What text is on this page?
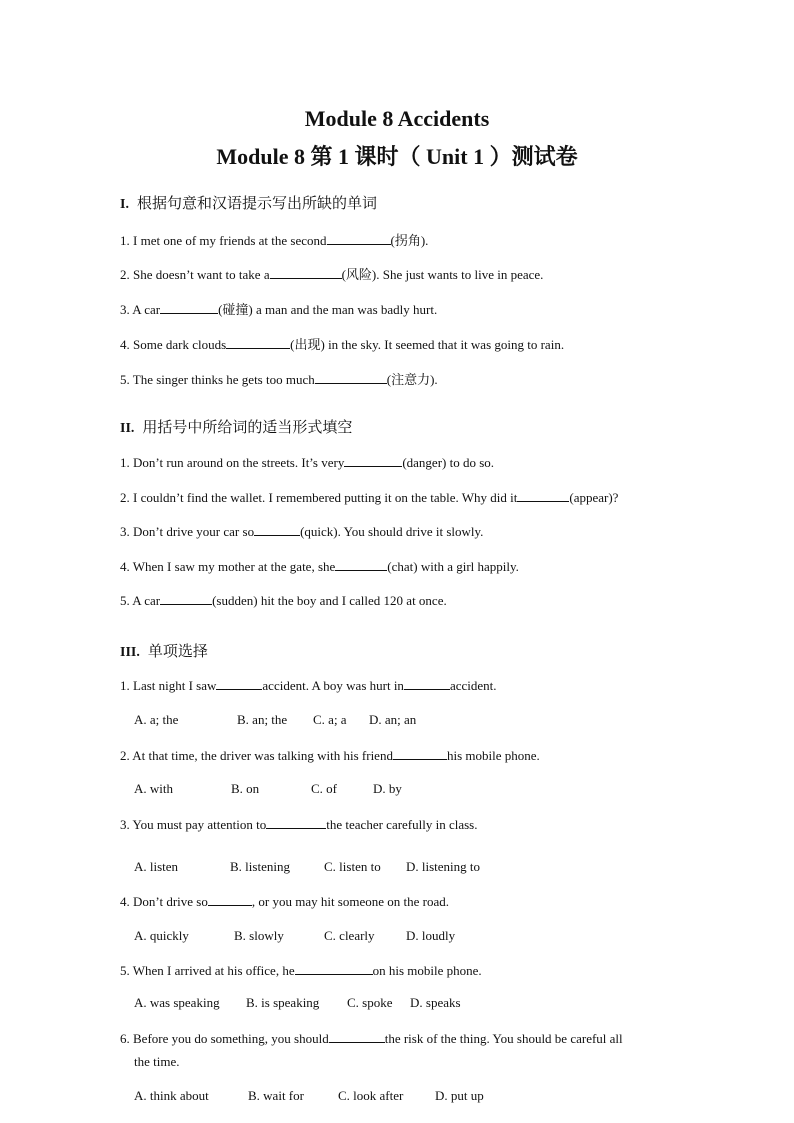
Module 8 Accidents
Module 8 第 1 课时（ Unit 1 ）测试卷
I. 根据句意和汉语提示写出所缺的单词
1. I met one of my friends at the second	(拐角).
2. She doesn’t want to take a	(风险). She just wants to live in peace.
3. A car	(碰撞) a man and the man was badly hurt.
4. Some dark clouds	(出现) in the sky. It seemed that it was going to rain.
5. The singer thinks he gets too much	(注意力).
II. 用括号中所给词的适当形式填空
1. Don’t run around on the streets. It’s very	(danger) to do so.
2. I couldn’t find the wallet. I remembered putting it on the table. Why did it	(appear)?
3. Don’t drive your car so	(quick). You should drive it slowly.
4. When I saw my mother at the gate, she	(chat) with a girl happily.
5. A car	(sudden) hit the boy and I called 120 at once.
III. 单项选择
1. Last night I saw	accident. A boy was hurt in	accident.
A. a; the	B. an; the C. a; a D. an; an
2. At that time, the driver was talking with his friend	his mobile phone.
A. with	B. on	C. of	D. by
3. You must pay attention to	the teacher carefully in class.
A. listen	B. listening	C. listen to D. listening to
4. Don’t drive so	, or you may hit someone on the road.
A. quickly	B. slowly	C. clearly D. loudly
5. When I arrived at his office, he	on his mobile phone.
A. was speaking B. is speaking C. spoke D. speaks
6. Before you do something, you should	the risk of the thing. You should be careful all
the time.
A. think about	B. wait for	C. look after D. put up
